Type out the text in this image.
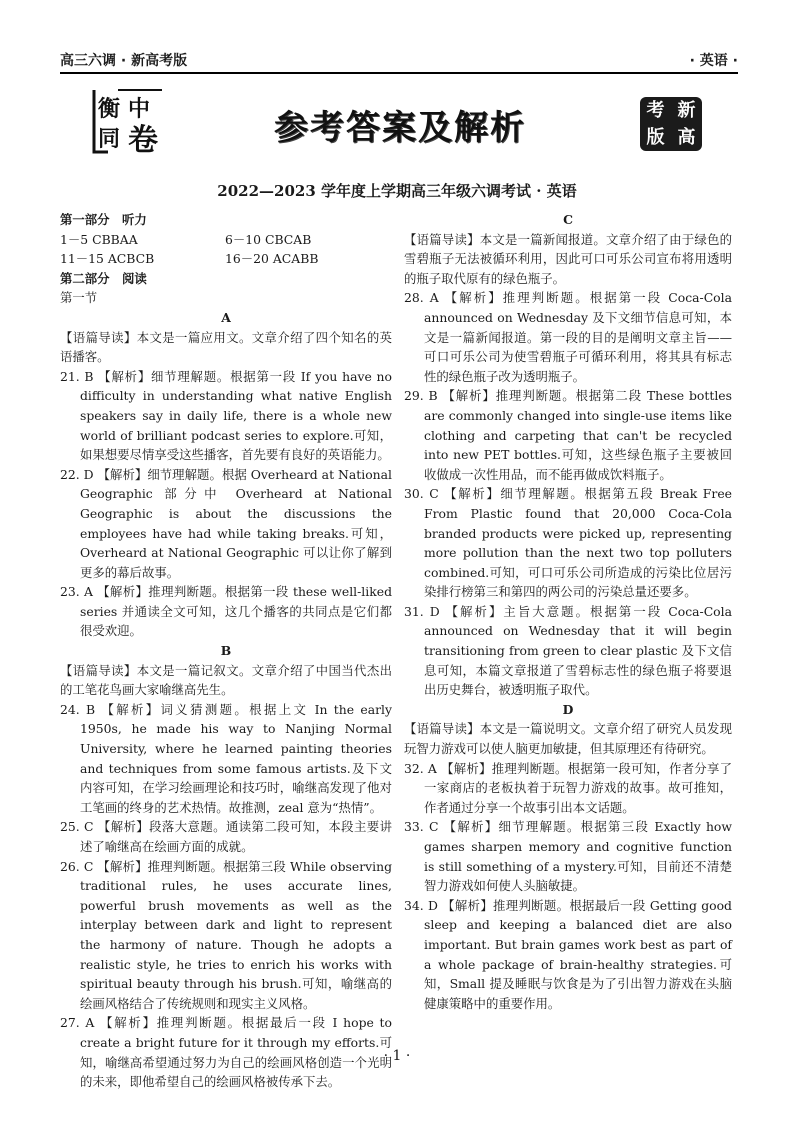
高三六调 · 新高考版	· 英语 ·
衡 中
同 卷	参考答案及解析	考 新
版 高
2022—2023 学年度上学期高三年级六调考试 · 英语

第一部分　听力

1－5 CBBAA	6－10 CBCAB
11－15 ACBCB	16－20 ACABB

第二部分　阅读

第一节

A

【语篇导读】本文是一篇应用文。文章介绍了四个知名的英语播客。

21. B 【解析】细节理解题。根据第一段 If you have no difficulty in understanding what native English speakers say in daily life, there is a whole new world of brilliant podcast series to explore.可知，如果想要尽情享受这些播客，首先要有良好的英语能力。

22. D 【解析】细节理解题。根据 Overheard at National Geographic 部分中 Overheard at National Geographic is about the discussions the employees have had while taking breaks.可知，Overheard at National Geographic 可以让你了解到更多的幕后故事。

23. A 【解析】推理判断题。根据第一段 these well-liked series 并通读全文可知，这几个播客的共同点是它们都很受欢迎。

B

【语篇导读】本文是一篇记叙文。文章介绍了中国当代杰出的工笔花鸟画大家喻继高先生。

24. B 【解析】词义猜测题。根据上文 In the early 1950s, he made his way to Nanjing Normal University, where he learned painting theories and techniques from some famous artists.及下文内容可知，在学习绘画理论和技巧时，喻继高发现了他对工笔画的终身的艺术热情。故推测，zeal 意为“热情”。

25. C 【解析】段落大意题。通读第二段可知，本段主要讲述了喻继高在绘画方面的成就。

26. C 【解析】推理判断题。根据第三段 While observing traditional rules, he uses accurate lines, powerful brush movements as well as the interplay between dark and light to represent the harmony of nature. Though he adopts a realistic style, he tries to enrich his works with spiritual beauty through his brush.可知，喻继高的绘画风格结合了传统规则和现实主义风格。

27. A 【解析】推理判断题。根据最后一段 I hope to create a bright future for it through my efforts.可知，喻继高希望通过努力为自己的绘画风格创造一个光明的未来，即他希望自己的绘画风格被传承下去。

C

【语篇导读】本文是一篇新闻报道。文章介绍了由于绿色的雪碧瓶子无法被循环利用，因此可口可乐公司宣布将用透明的瓶子取代原有的绿色瓶子。

28. A 【解析】推理判断题。根据第一段 Coca-Cola announced on Wednesday 及下文细节信息可知，本文是一篇新闻报道。第一段的目的是阐明文章主旨——可口可乐公司为使雪碧瓶子可循环利用，将其具有标志性的绿色瓶子改为透明瓶子。

29. B 【解析】推理判断题。根据第二段 These bottles are commonly changed into single-use items like clothing and carpeting that can't be recycled into new PET bottles.可知，这些绿色瓶子主要被回收做成一次性用品，而不能再做成饮料瓶子。

30. C 【解析】细节理解题。根据第五段 Break Free From Plastic found that 20,000 Coca-Cola branded products were picked up, representing more pollution than the next two top polluters combined.可知，可口可乐公司所造成的污染比位居污染排行榜第三和第四的两公司的污染总量还要多。

31. D 【解析】主旨大意题。根据第一段 Coca-Cola announced on Wednesday that it will begin transitioning from green to clear plastic 及下文信息可知，本篇文章报道了雪碧标志性的绿色瓶子将要退出历史舞台，被透明瓶子取代。

D

【语篇导读】本文是一篇说明文。文章介绍了研究人员发现玩智力游戏可以使人脑更加敏捷，但其原理还有待研究。

32. A 【解析】推理判断题。根据第一段可知，作者分享了一家商店的老板执着于玩智力游戏的故事。故可推知，作者通过分享一个故事引出本文话题。

33. C 【解析】细节理解题。根据第三段 Exactly how games sharpen memory and cognitive function is still something of a mystery.可知，目前还不清楚智力游戏如何使人头脑敏捷。

34. D 【解析】推理判断题。根据最后一段 Getting good sleep and keeping a balanced diet are also important. But brain games work best as part of a whole package of brain-healthy strategies.可知，Small 提及睡眠与饮食是为了引出智力游戏在头脑健康策略中的重要作用。

· 1 ·
